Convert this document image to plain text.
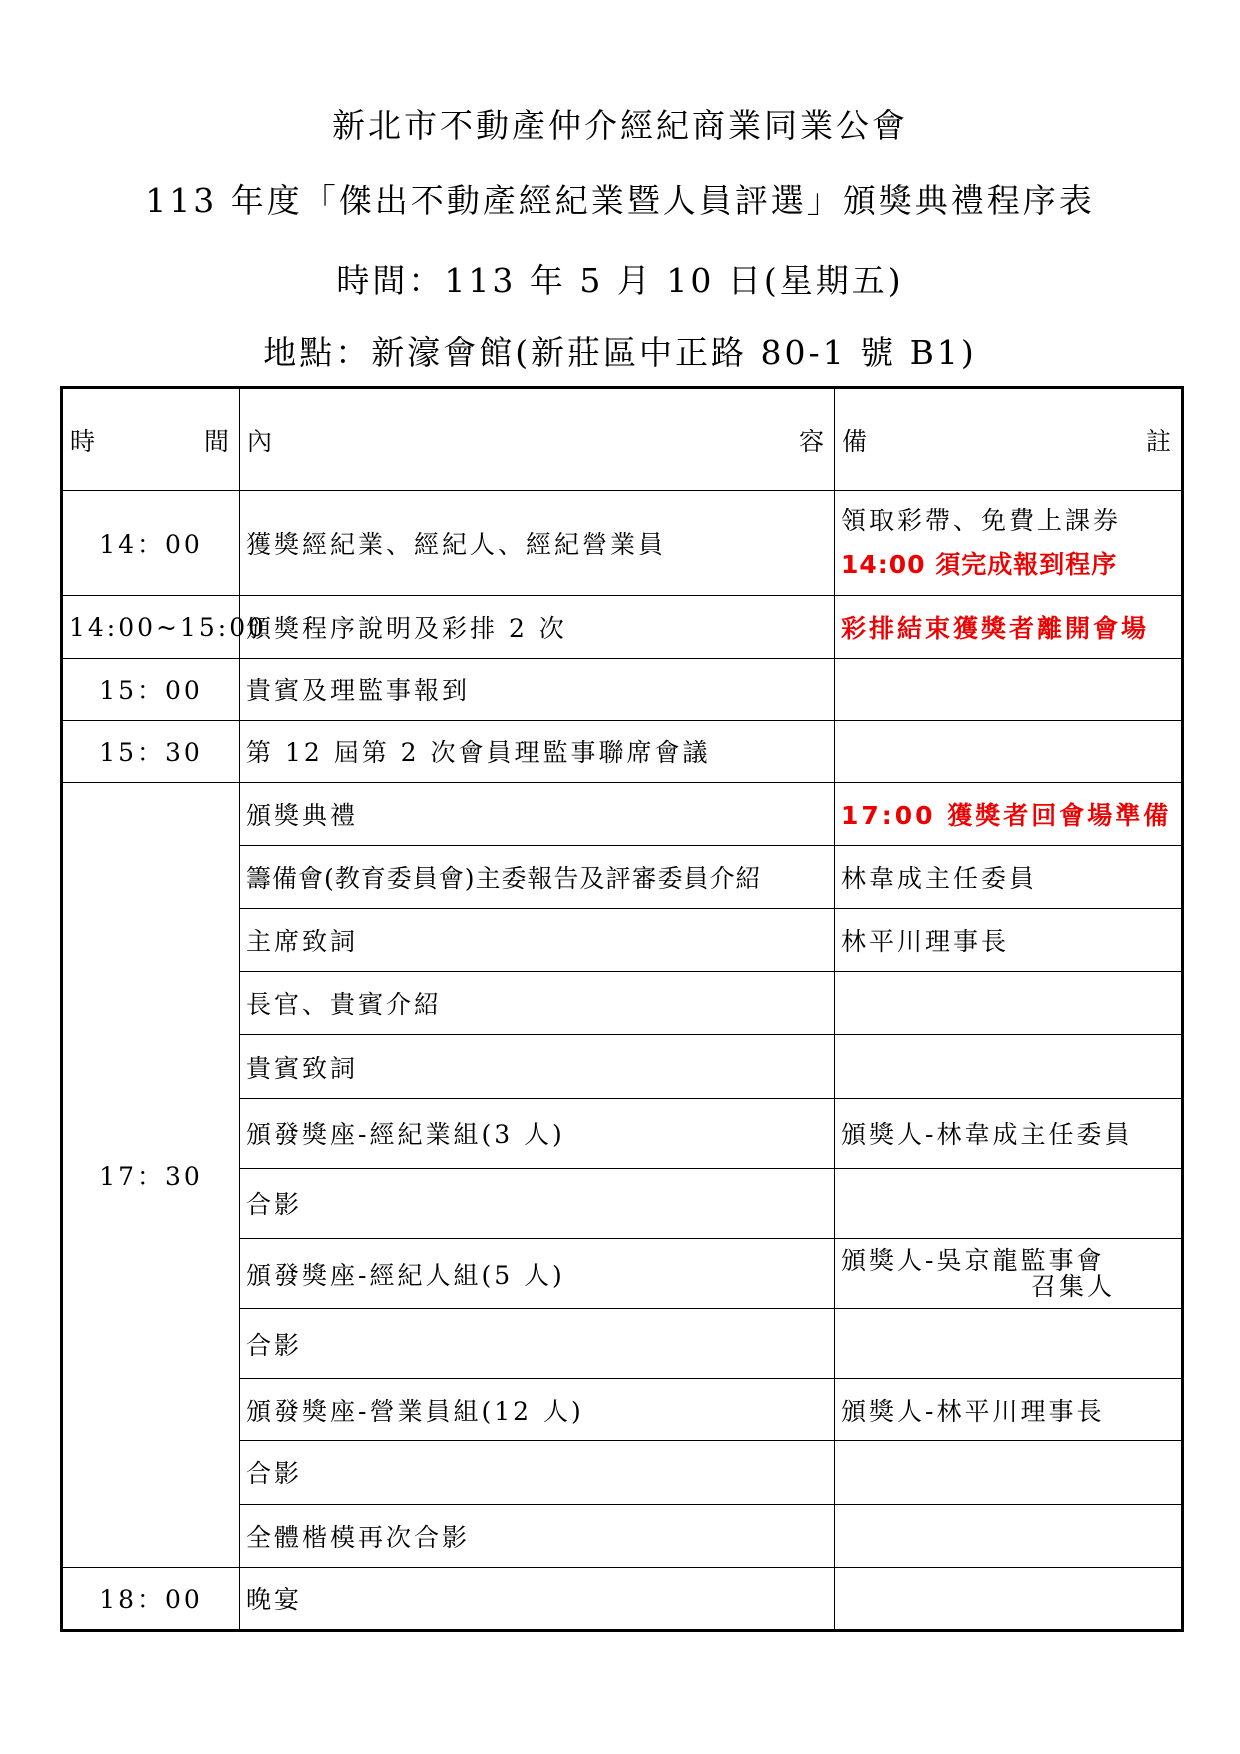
新北市不動產仲介經紀商業同業公會
113 年度「傑出不動產經紀業暨人員評選」頒獎典禮程序表
時間：113 年 5 月 10 日(星期五)
地點：新濠會館(新莊區中正路 80-1 號 B1)
時 間	內 容	備 註

14：00	獲獎經紀業、經紀人、經紀營業員	領取彩帶、免費上課券
14:00 須完成報到程序

14:00~15:00	頒獎程序說明及彩排 2 次	彩排結束獲獎者離開會場
15：00	貴賓及理監事報到	
15：30	第 12 屆第 2 次會員理監事聯席會議	
17：30	頒獎典禮	17:00 獲獎者回會場準備
	籌備會(教育委員會)主委報告及評審委員介紹	林韋成主任委員
	主席致詞	林平川理事長
	長官、貴賓介紹	
	貴賓致詞	
	頒發獎座-經紀業組(3 人)	頒獎人-林韋成主任委員
	合影	
	頒發獎座-經紀人組(5 人)	頒獎人-吳京龍監事會
召集人

	合影	
	頒發獎座-營業員組(12 人)	頒獎人-林平川理事長
	合影	
	全體楷模再次合影	
18：00	晚宴	
